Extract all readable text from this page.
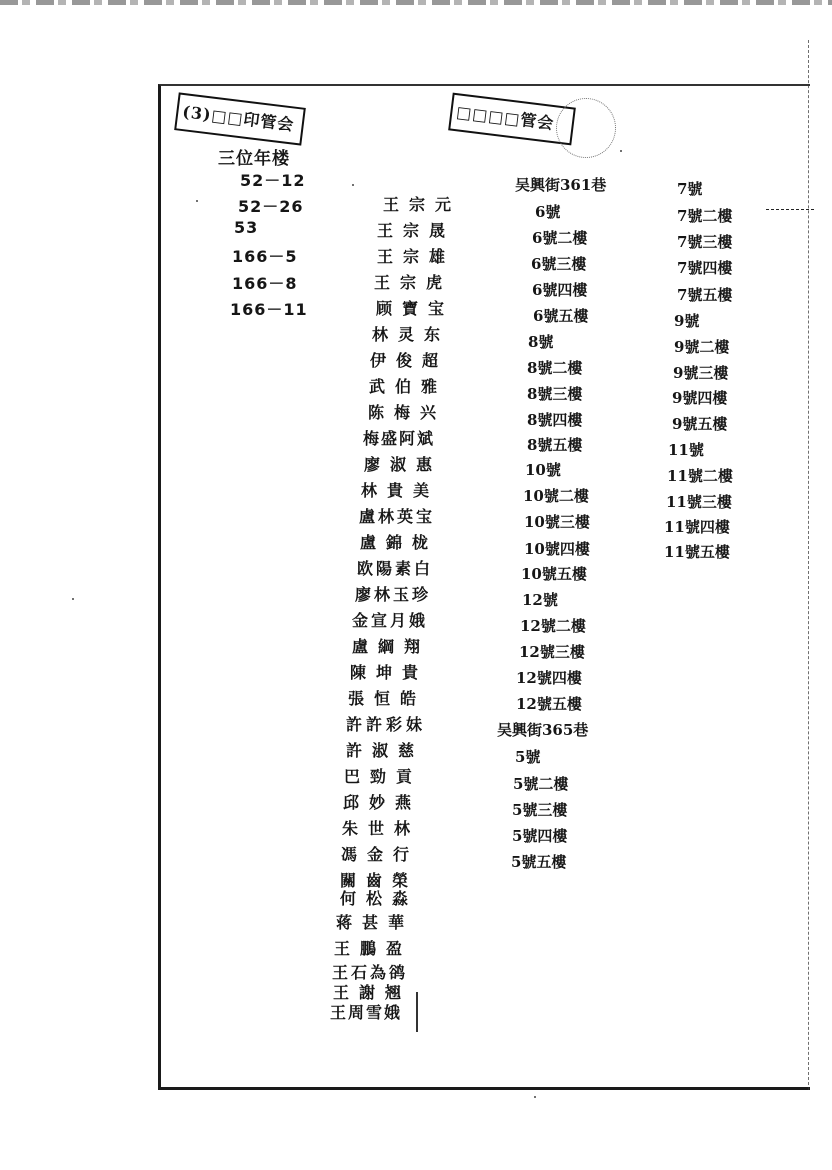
(3)□□印管会	□□□□管会
三位年楼
52－12
52－26
53
166－5
166－8
166－11
王宗元
王宗晟
王宗雄
王宗虎
顾寶宝
林灵东
伊俊超
武伯雅
陈梅兴
梅盛阿斌
廖淑惠
林貴美
盧林英宝
盧錦栊
欧陽素白
廖林玉珍
金宣月娥
盧綱翔
陳坤貴
張恒皓
許許彩妹
許淑慈
巴勁貢
邱妙燕
朱世林
馮金行
關齒榮
何松淼
蒋甚華
王鵬盈
王石為鹆
王謝翘
王周雪娥
吴興街361巷
6號
6號二樓
6號三樓
6號四樓
6號五樓
8號
8號二樓
8號三樓
8號四樓
8號五樓
10號
10號二樓
10號三樓
10號四樓
10號五樓
12號
12號二樓
12號三樓
12號四樓
12號五樓
吴興街365巷
5號
5號二樓
5號三樓
5號四樓
5號五樓
7號
7號二樓
7號三樓
7號四樓
7號五樓
9號
9號二樓
9號三樓
9號四樓
9號五樓
11號
11號二樓
11號三樓
11號四樓
11號五樓
